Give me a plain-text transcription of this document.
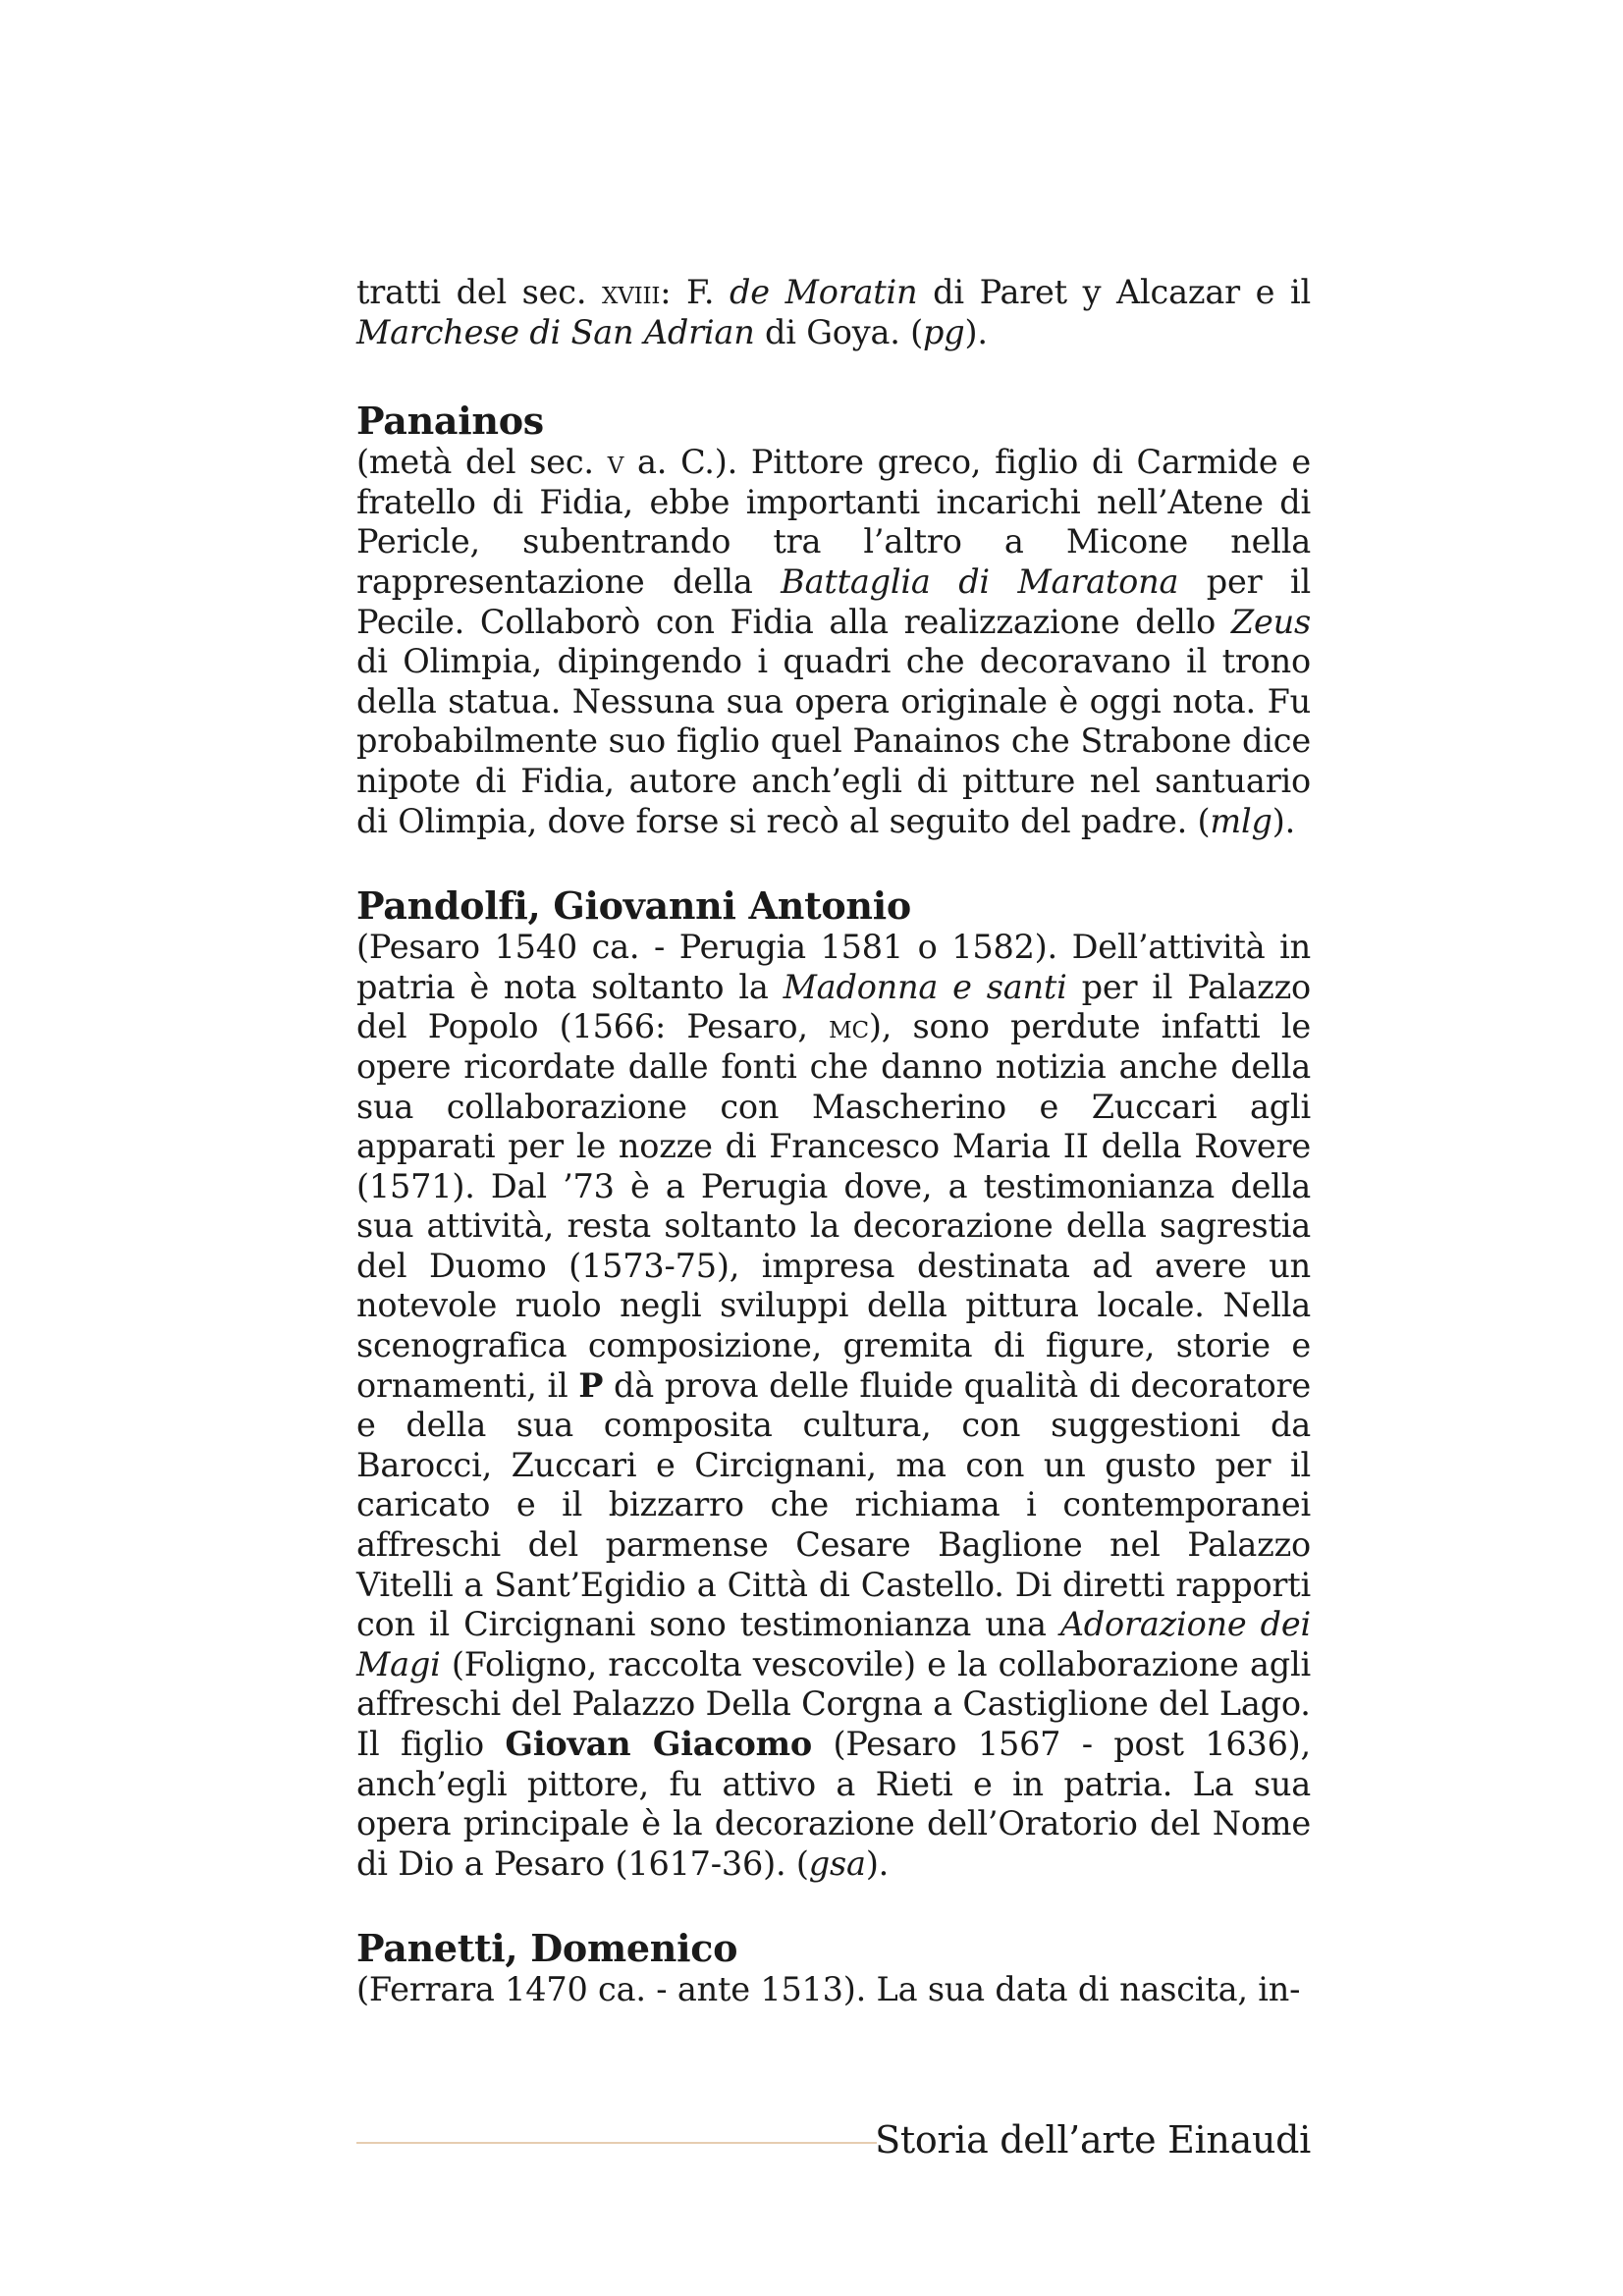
tratti del sec. xviii: F. de Moratin di Paret y Alcazar e il Marchese di San Adrian di Goya. (pg).

Panainos

(metà del sec. v a. C.). Pittore greco, figlio di Carmide e fratello di Fidia, ebbe importanti incarichi nell’Atene di Pericle, subentrando tra l’altro a Micone nella rappresentazione della Battaglia di Maratona per il Pecile. Collaborò con Fidia alla realizzazione dello Zeus di Olimpia, dipingendo i quadri che decoravano il trono della statua. Nessuna sua opera originale è oggi nota. Fu probabilmente suo figlio quel Panainos che Strabone dice nipote di Fidia, autore anch’egli di pitture nel santuario di Olimpia, dove forse si recò al seguito del padre. (mlg).

Pandolfi, Giovanni Antonio

(Pesaro 1540 ca. - Perugia 1581 o 1582). Dell’attività in patria è nota soltanto la Madonna e santi per il Palazzo del Popolo (1566: Pesaro, mc), sono perdute infatti le opere ricordate dalle fonti che danno notizia anche della sua collaborazione con Mascherino e Zuccari agli apparati per le nozze di Francesco Maria II della Rovere (1571). Dal ’73 è a Perugia dove, a testimonianza della sua attività, resta soltanto la decorazione della sagrestia del Duomo (1573-75), impresa destinata ad avere un notevole ruolo negli sviluppi della pittura locale. Nella scenografica composizione, gremita di figure, storie e ornamenti, il P dà prova delle fluide qualità di decoratore e della sua composita cultura, con suggestioni da Barocci, Zuccari e Circignani, ma con un gusto per il caricato e il bizzarro che richiama i contemporanei affreschi del parmense Cesare Baglione nel Palazzo Vitelli a Sant’Egidio a Città di Castello. Di diretti rapporti con il Circignani sono testimonianza una Adorazione dei Magi (Foligno, raccolta vescovile) e la collaborazione agli affreschi del Palazzo Della Corgna a Castiglione del Lago.

Il figlio Giovan Giacomo (Pesaro 1567 - post 1636), anch’egli pittore, fu attivo a Rieti e in patria. La sua opera principale è la decorazione dell’Oratorio del Nome di Dio a Pesaro (1617-36). (gsa).

Panetti, Domenico

(Ferrara 1470 ca. - ante 1513). La sua data di nascita, in-

Storia dell’arte Einaudi
